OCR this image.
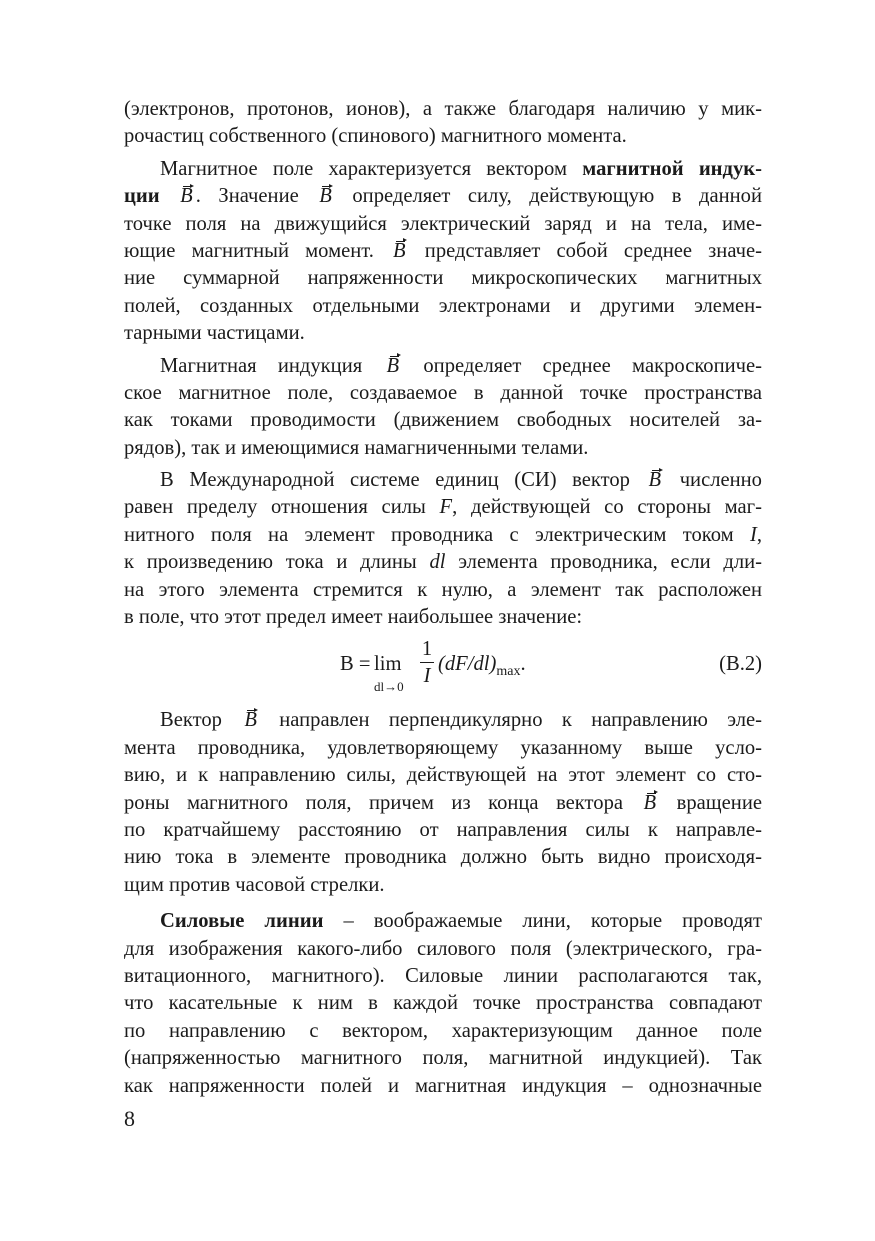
(электронов, протонов, ионов), а также благодаря наличию у мик-
рочастиц собственного (спинового) магнитного момента.

Магнитное поле характеризуется вектором магнитной индук-
ции B . Значение B определяет силу, действующую в данной
точке поля на движущийся электрический заряд и на тела, име-
ющие магнитный момент. B представляет собой среднее значе-
ние суммарной напряженности микроскопических магнитных
полей, созданных отдельными электронами и другими элемен-
тарными частицами.

Магнитная индукция B определяет среднее макроскопиче-
ское магнитное поле, создаваемое в данной точке пространства
как токами проводимости (движением свободных носителей за-
рядов), так и имеющимися намагниченными телами.

В Международной системе единиц (СИ) вектор B численно
равен пределу отношения силы F, действующей со стороны маг-
нитного поля на элемент проводника с электрическим током I,
к произведению тока и длины dl элемента проводника, если дли-
на этого элемента стремится к нулю, а элемент так расположен
в поле, что этот предел имеет наибольшее значение:

B = lim
dl→0
1
I
$(dF/dl)_{max}$.	(В.2)

Вектор B направлен перпендикулярно к направлению эле-
мента проводника, удовлетворяющему указанному выше усло-
вию, и к направлению силы, действующей на этот элемент со сто-
роны магнитного поля, причем из конца вектора B вращение
по кратчайшему расстоянию от направления силы к направле-
нию тока в элементе проводника должно быть видно происходя-
щим против часовой стрелки.

Силовые линии – воображаемые лини, которые проводят
для изображения какого-либо силового поля (электрического, гра-
витационного, магнитного). Силовые линии располагаются так,
что касательные к ним в каждой точке пространства совпадают
по направлению с вектором, характеризующим данное поле
(напряженностью магнитного поля, магнитной индукцией). Так
как напряженности полей и магнитная индукция – однозначные

8
